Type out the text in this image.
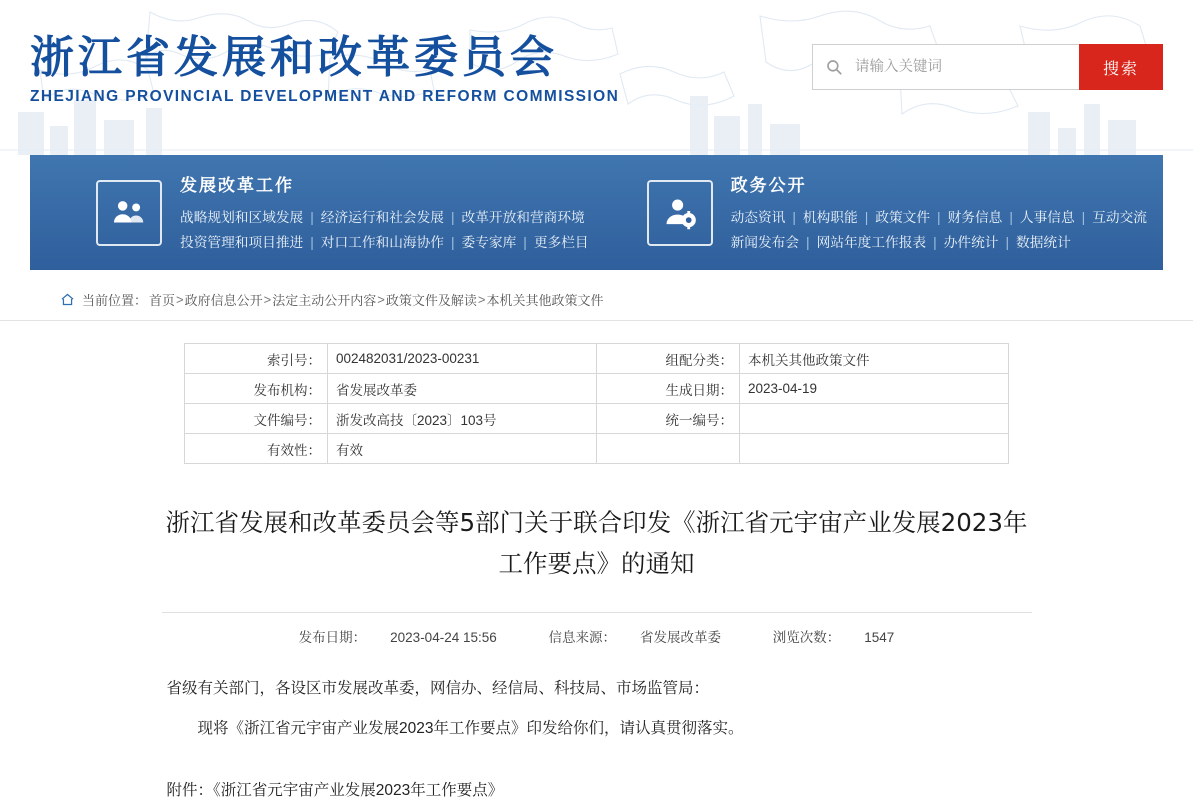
浙江省发展和改革委员会
ZHEJIANG PROVINCIAL DEVELOPMENT AND REFORM COMMISSION
请输入关键词
搜索
发展改革工作
战略规划和区域发展 | 经济运行和社会发展 | 改革开放和营商环境
投资管理和项目推进 | 对口工作和山海协作 | 委专家库 | 更多栏目
政务公开
动态资讯 | 机构职能 | 政策文件 | 财务信息 | 人事信息 | 互动交流
新闻发布会 | 网站年度工作报表 | 办件统计 | 数据统计
当前位置： 首页 > 政府信息公开 > 法定主动公开内容 > 政策文件及解读 > 本机关其他政策文件
索引号：	002482031/2023-00231	组配分类：	本机关其他政策文件
发布机构：	省发展改革委	生成日期：	2023-04-19
文件编号：	浙发改高技〔2023〕103号	统一编号：	
有效性：	有效		
浙江省发展和改革委员会等5部门关于联合印发《浙江省元宇宙产业发展2023年工作要点》的通知
发布日期： 2023-04-24 15:56	信息来源： 省发展改革委	浏览次数： 1547

省级有关部门，各设区市发展改革委，网信办、经信局、科技局、市场监管局：

现将《浙江省元宇宙产业发展2023年工作要点》印发给你们，请认真贯彻落实。

附件：《浙江省元宇宙产业发展2023年工作要点》
